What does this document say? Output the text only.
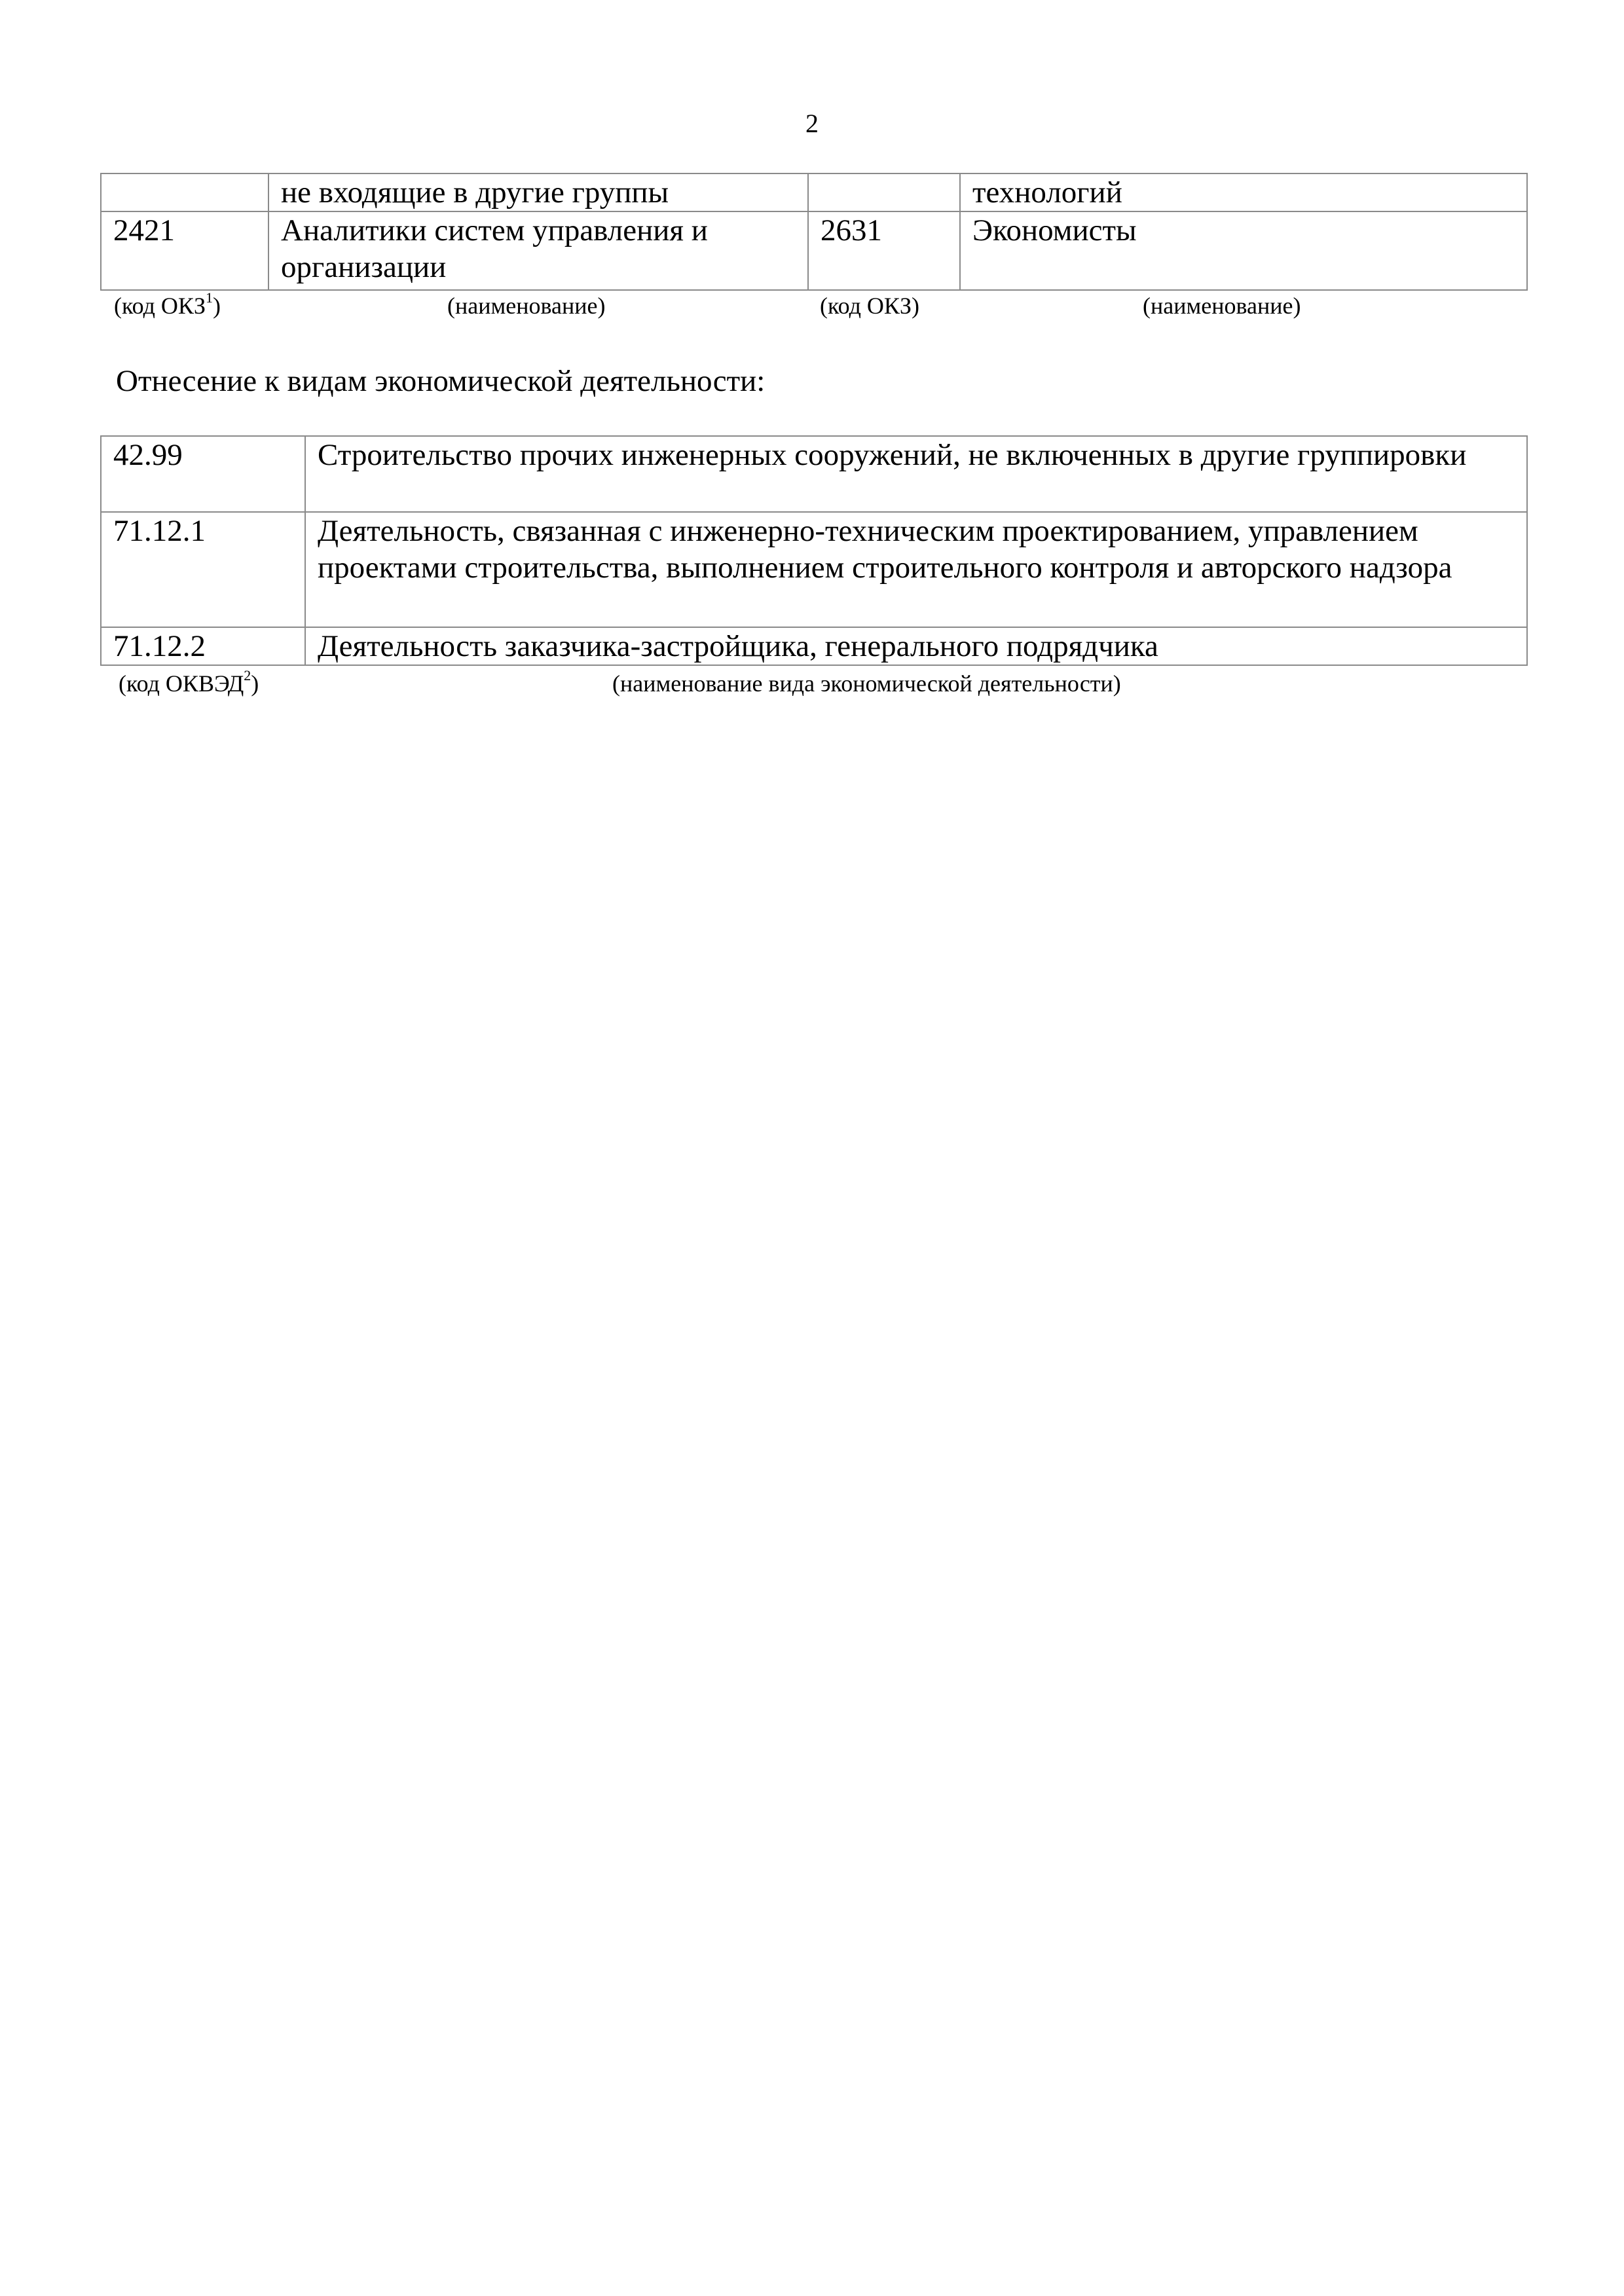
2
	не входящие в другие группы		технологий
2421	Аналитики систем управления и организации	2631	Экономисты
(код ОКЗ$^1$)	(наименование)	(код ОКЗ)	(наименование)
Отнесение к видам экономической деятельности:
42.99	Строительство прочих инженерных сооружений, не включенных в другие группировки
71.12.1	Деятельность, связанная с инженерно-техническим проектированием, управлением проектами строительства, выполнением строительного контроля и авторского надзора
71.12.2	Деятельность заказчика-застройщика, генерального подрядчика
(код ОКВЭД$^2$)	(наименование вида экономической деятельности)
